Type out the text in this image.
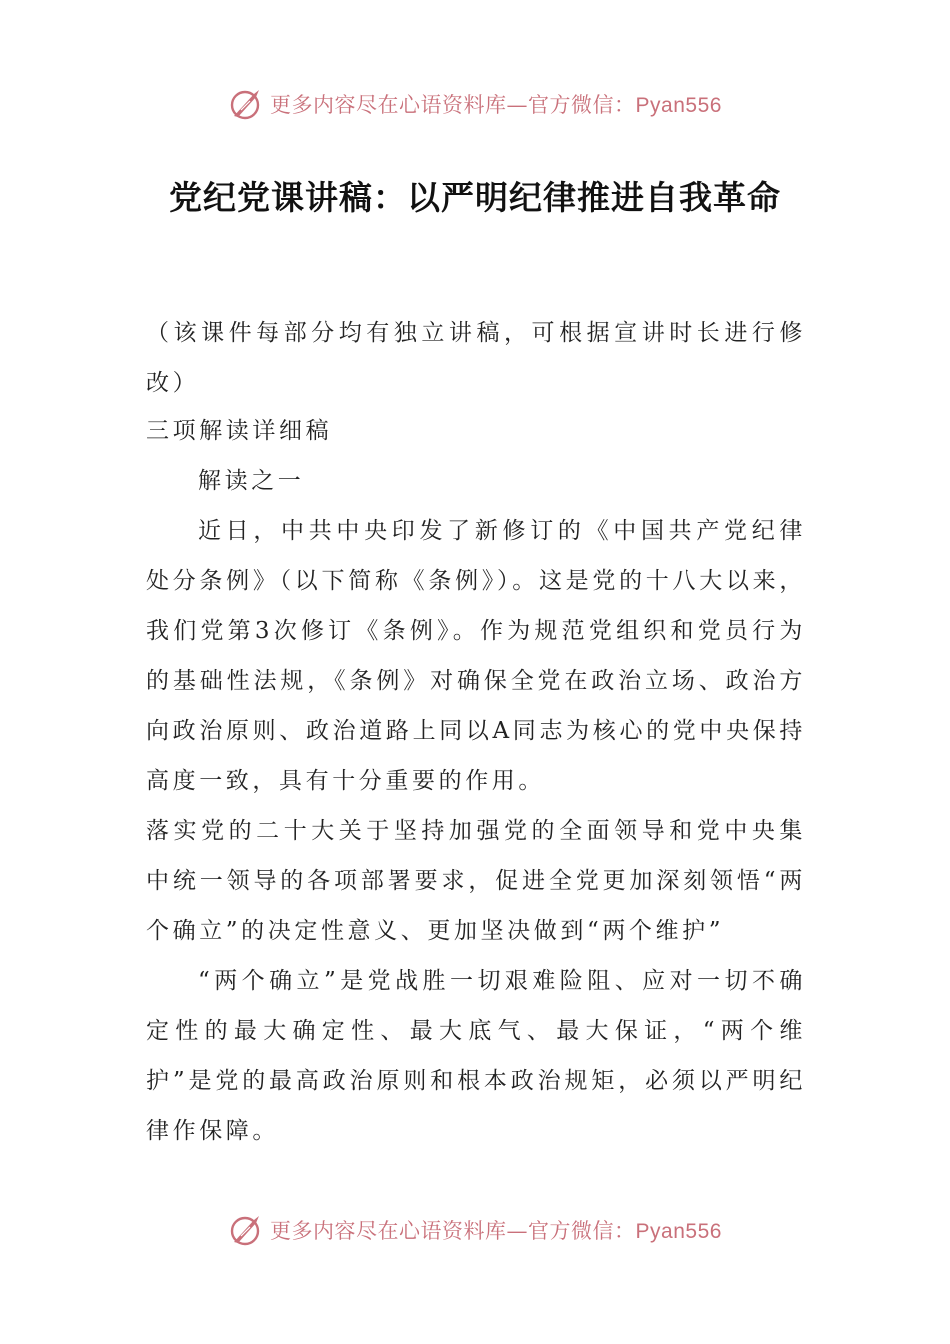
更多内容尽在心语资料库—官方微信：Pyan556
党纪党课讲稿：以严明纪律推进自我革命

（该课件每部分均有独立讲稿，可根据宣讲时长进行修改）

三项解读详细稿

解读之一

近日，中共中央印发了新修订的《中国共产党纪律处分条例》（以下简称《条例》）。这是党的十八大以来，我们党第3次修订《条例》。作为规范党组织和党员行为的基础性法规，《条例》对确保全党在政治立场、政治方向政治原则、政治道路上同以A同志为核心的党中央保持高度一致，具有十分重要的作用。

落实党的二十大关于坚持加强党的全面领导和党中央集中统一领导的各项部署要求，促进全党更加深刻领悟“两个确立”的决定性意义、更加坚决做到“两个维护”

“两个确立”是党战胜一切艰难险阻、应对一切不确定性的最大确定性、最大底气、最大保证，“两个维护”是党的最高政治原则和根本政治规矩，必须以严明纪律作保障。

更多内容尽在心语资料库—官方微信：Pyan556
